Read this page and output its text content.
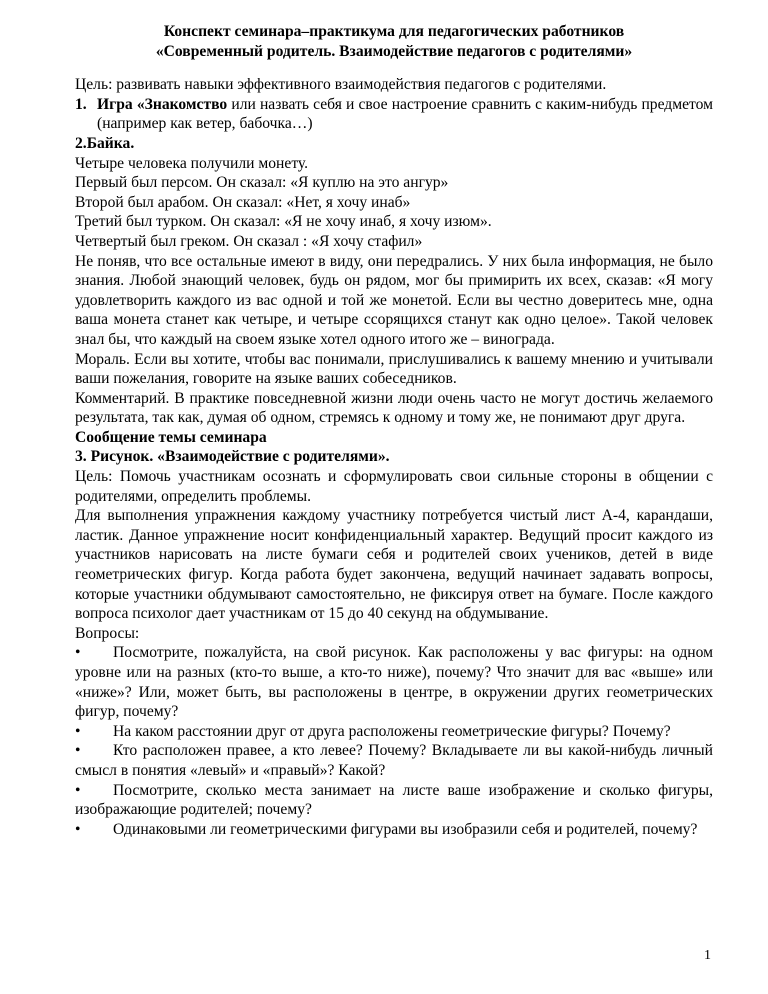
Конспект семинара–практикума для педагогических работников

«Современный родитель. Взаимодействие педагогов с родителями»

Цель: развивать навыки эффективного взаимодействия педагогов с родителями.

1. Игра «Знакомство или назвать себя и свое настроение сравнить с каким-нибудь предметом (например как ветер, бабочка…)

2.Байка.

Четыре человека получили монету.

Первый был персом. Он сказал: «Я куплю на это ангур»

Второй был арабом. Он сказал: «Нет, я хочу инаб»

Третий был турком. Он сказал: «Я не хочу инаб, я хочу изюм».

Четвертый был греком. Он сказал : «Я хочу стафил»

Не поняв, что все остальные имеют в виду, они передрались. У них была информация, не было знания. Любой знающий человек, будь он рядом, мог бы примирить их всех, сказав: «Я могу удовлетворить каждого из вас одной и той же монетой. Если вы честно доверитесь мне, одна ваша монета станет как четыре, и четыре ссорящихся станут как одно целое». Такой человек знал бы, что каждый на своем языке хотел одного итого же – винограда.

Мораль. Если вы хотите, чтобы вас понимали, прислушивались к вашему мнению и учитывали ваши пожелания, говорите на языке ваших собеседников.

Комментарий. В практике повседневной жизни люди очень часто не могут достичь желаемого результата, так как, думая об одном, стремясь к одному и тому же, не понимают друг друга.

Сообщение темы семинара

3. Рисунок. «Взаимодействие с родителями».

Цель: Помочь участникам осознать и сформулировать свои сильные стороны в общении с родителями, определить проблемы.

Для выполнения упражнения каждому участнику потребуется чистый лист А-4, карандаши, ластик. Данное упражнение носит конфиденциальный характер. Ведущий просит каждого из участников нарисовать на листе бумаги себя и родителей своих учеников, детей в виде геометрических фигур. Когда работа будет закончена, ведущий начинает задавать вопросы, которые участники обдумывают самостоятельно, не фиксируя ответ на бумаге. После каждого вопроса психолог дает участникам от 15 до 40 секунд на обдумывание.

Вопросы:

•	Посмотрите, пожалуйста, на свой рисунок. Как расположены у вас фигуры: на одном уровне или на разных (кто-то выше, а кто-то ниже), почему? Что значит для вас «выше» или «ниже»? Или, может быть, вы расположены в центре, в окружении других геометрических фигур, почему?

•	На каком расстоянии друг от друга расположены геометрические фигуры? Почему?

•	Кто расположен правее, а кто левее? Почему? Вкладываете ли вы какой-нибудь личный смысл в понятия «левый» и «правый»? Какой?

•	Посмотрите, сколько места занимает на листе ваше изображение и сколько фигуры, изображающие родителей; почему?

•	Одинаковыми ли геометрическими фигурами вы изобразили себя и родителей, почему?

1
